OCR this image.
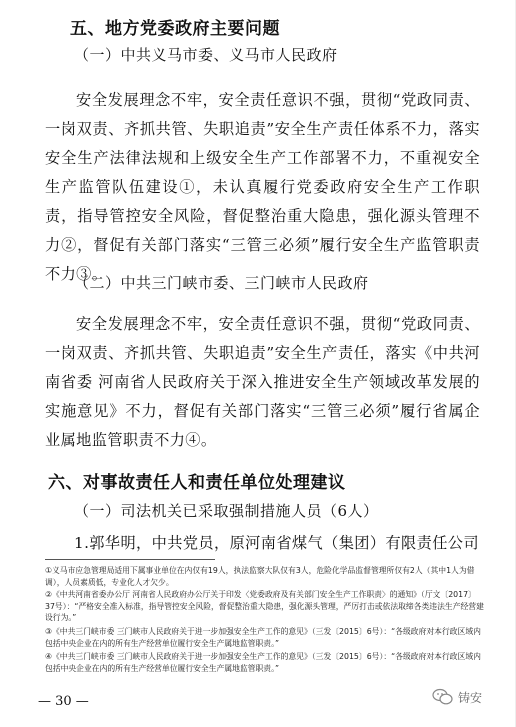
五、地方党委政府主要问题
（一）中共义马市委、义马市人民政府
安全发展理念不牢，安全责任意识不强，贯彻“党政同责、一岗双责、齐抓共管、失职追责”安全生产责任体系不力，落实安全生产法律法规和上级安全生产工作部署不力，不重视安全生产监管队伍建设①，未认真履行党委政府安全生产工作职责，指导管控安全风险，督促整治重大隐患，强化源头管理不力②，督促有关部门落实“三管三必须”履行安全生产监管职责不力③。
（二）中共三门峡市委、三门峡市人民政府
安全发展理念不牢，安全责任意识不强，贯彻“党政同责、一岗双责、齐抓共管、失职追责”安全生产责任，落实《中共河南省委 河南省人民政府关于深入推进安全生产领域改革发展的实施意见》不力，督促有关部门落实“三管三必须”履行省属企业属地监管职责不力④。
六、对事故责任人和责任单位处理建议
（一）司法机关已采取强制措施人员（6人）
1.郭华明，中共党员，原河南省煤气（集团）有限责任公司
①义马市应急管理局适用下属事业单位在内仅有19人，执法监察大队仅有3人，危险化学品监督管理所仅有2人（其中1人为借调），人员素质低，专业化人才欠少。
②《中共河南省委办公厅 河南省人民政府办公厅关于印发〈党委政府及有关部门安全生产工作职责〉的通知》（厅文〔2017〕37号）：“严格安全准入标准，指导管控安全风险，督促整治重大隐患，强化源头管理，严厉打击或依法取缔各类违法生产经营建设行为。”
③《中共三门峡市委 三门峡市人民政府关于进一步加强安全生产工作的意见》（三发〔2015〕6号）：“各级政府对本行政区域内包括中央企业在内的所有生产经营单位履行安全生产属地监管职责。”
④《中共三门峡市委 三门峡市人民政府关于进一步加强安全生产工作的意见》（三发〔2015〕6号）：“各级政府对本行政区域内包括中央企业在内的所有生产经营单位履行安全生产属地监管职责。”
— 30 —	铸安
